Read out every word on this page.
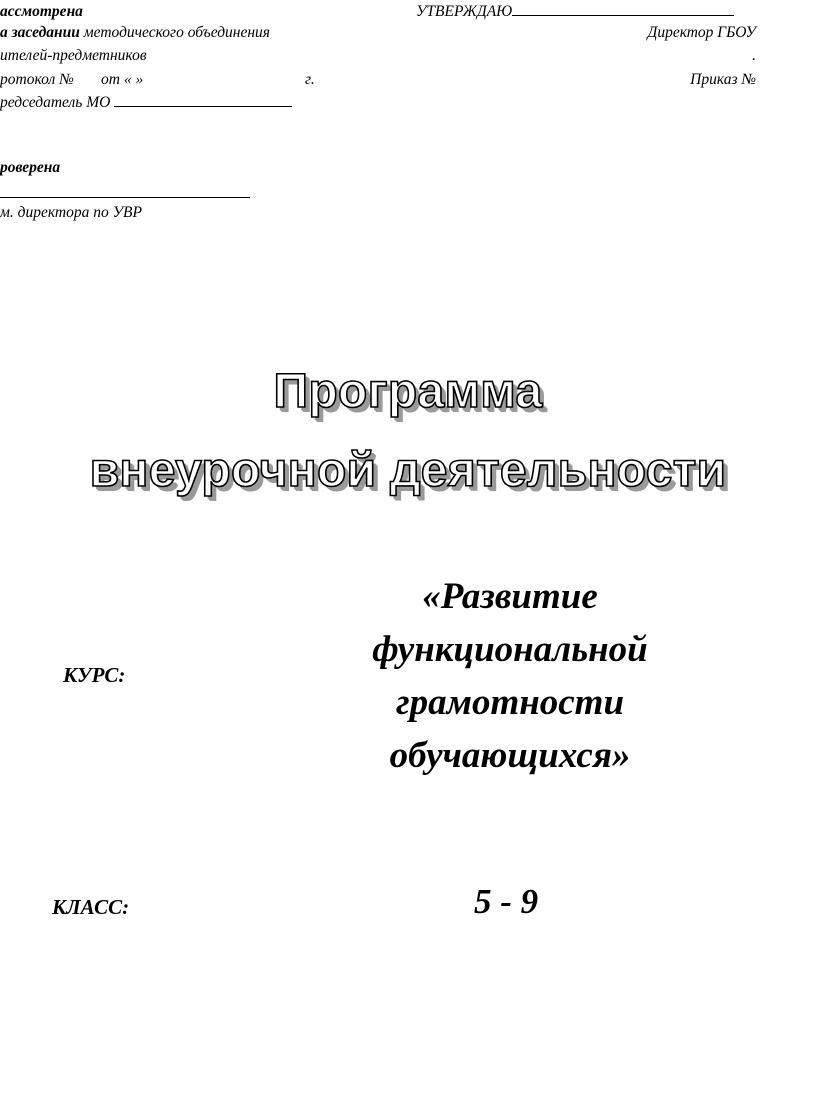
ассмотрена
а заседании методического объединения
ителей-предметников
ротокол № от « »	г.
редседатель МО
УТВЕРЖДАЮ
Директор ГБОУ
.
Приказ №
роверена
м. директора по УВР
Программа
внеурочной деятельности
КУРС:
«Развитие
функциональной
грамотности
обучающихся»
КЛАСС:	5 - 9
